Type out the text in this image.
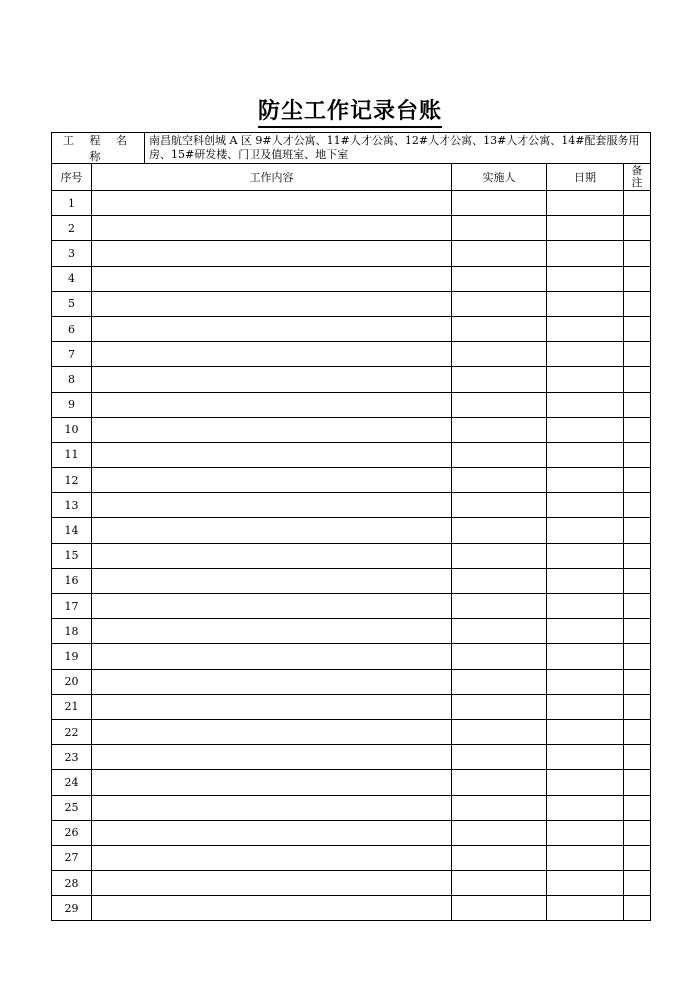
防尘工作记录台账
工 程 名 称
南昌航空科创城 A 区 9#人才公寓、11#人才公寓、12#人才公寓、13#人才公寓、14#配套服务用房、15#研发楼、门卫及值班室、地下室				

序号	工作内容	实施人	日期	备注
1				
2				
3				
4				
5				
6				
7				
8				
9				
10				
11				
12				
13				
14				
15				
16				
17				
18				
19				
20				
21				
22				
23				
24				
25				
26				
27				
28				
29				
